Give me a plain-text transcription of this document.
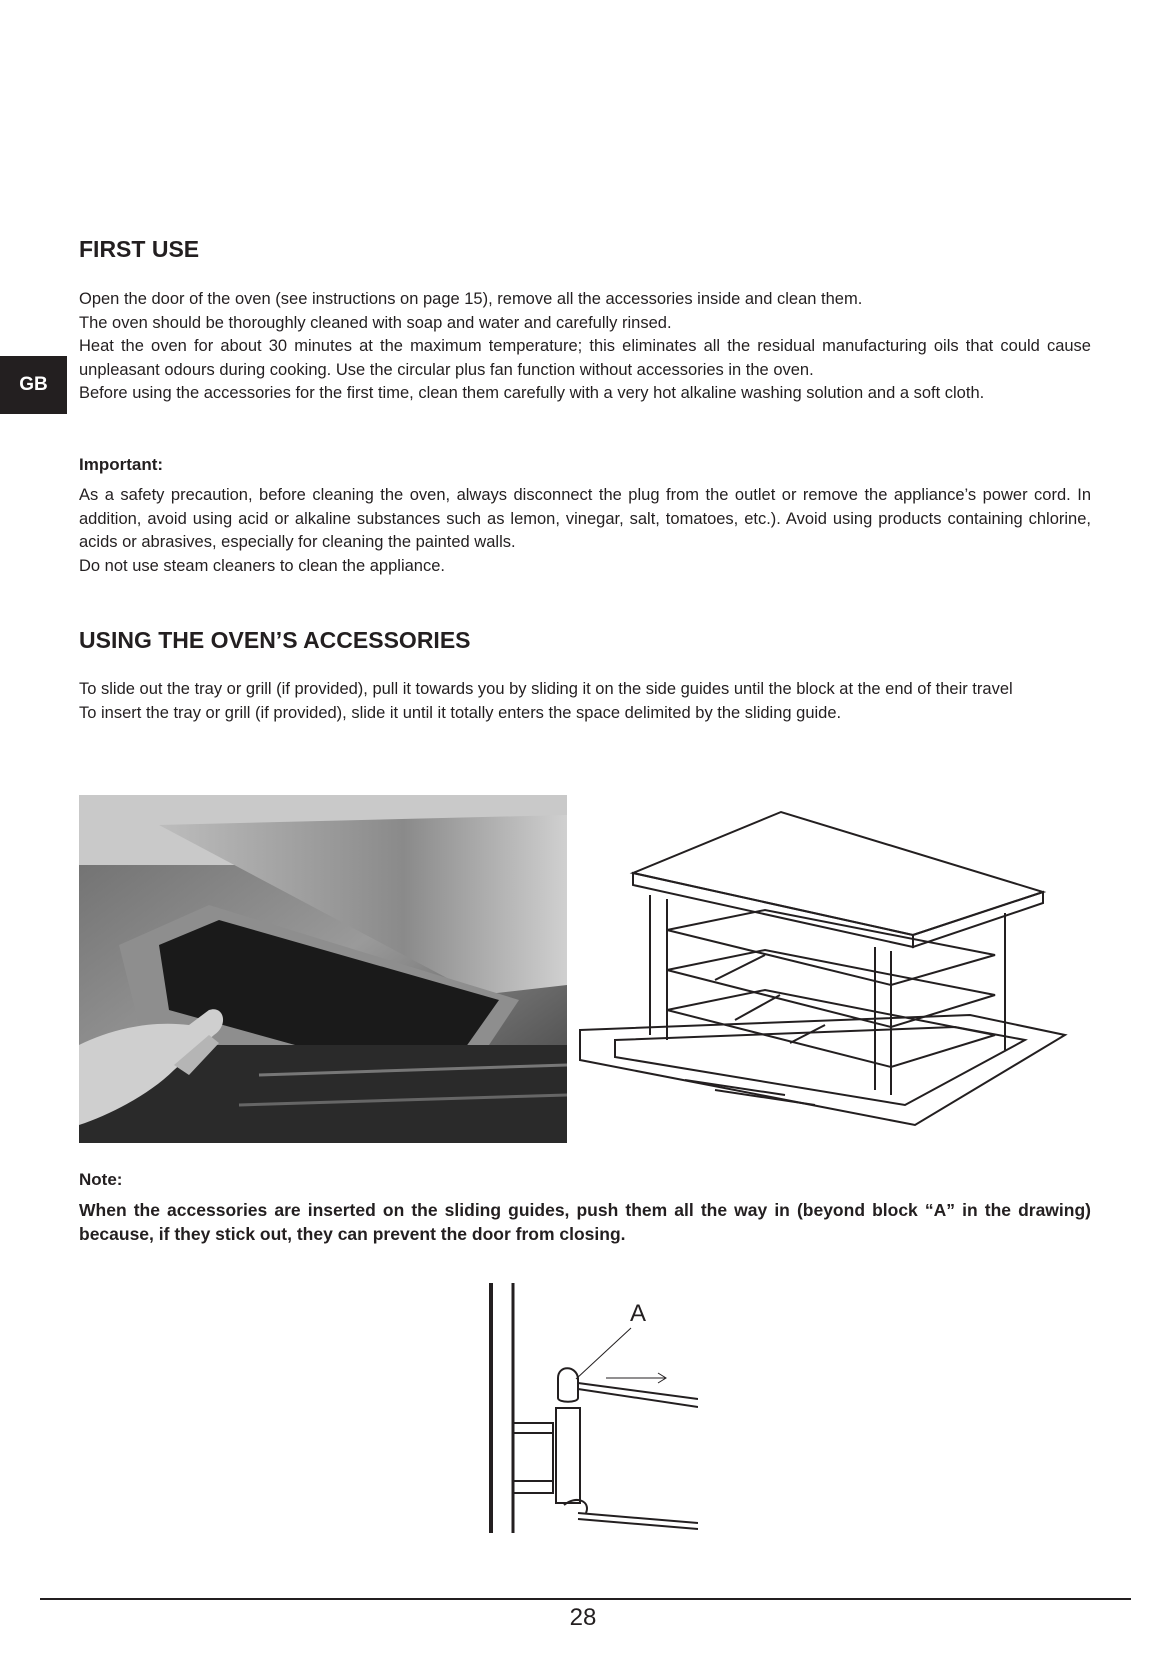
GB
FIRST USE

Open the door of the oven (see instructions on page 15), remove all the accessories inside and clean them.

The oven should be thoroughly cleaned with soap and water and carefully rinsed.

Heat the oven for about 30 minutes at the maximum temperature; this eliminates all the residual manufacturing oils that could cause unpleasant odours during cooking. Use the circular plus fan function without accessories in the oven.

Before using the accessories for the first time, clean them carefully with a very hot alkaline washing solution and a soft cloth.

Important:

As a safety precaution, before cleaning the oven, always disconnect the plug from the outlet or remove the appliance’s power cord. In addition, avoid using acid or alkaline substances such as lemon, vinegar, salt, tomatoes, etc.). Avoid using products containing chlorine, acids or abrasives, especially for cleaning the painted walls.

Do not use steam cleaners to clean the appliance.

USING THE OVEN’S ACCESSORIES

To slide out the tray or grill (if provided), pull it towards you by sliding it on the side guides until the block at the end of their travel

To insert the tray or grill (if provided), slide it until it totally enters the space delimited by the sliding guide.

Note:
When the accessories are inserted on the sliding guides, push them all the way in (beyond block “A” in the drawing) because, if they stick out, they can prevent the door from closing.
A
28
